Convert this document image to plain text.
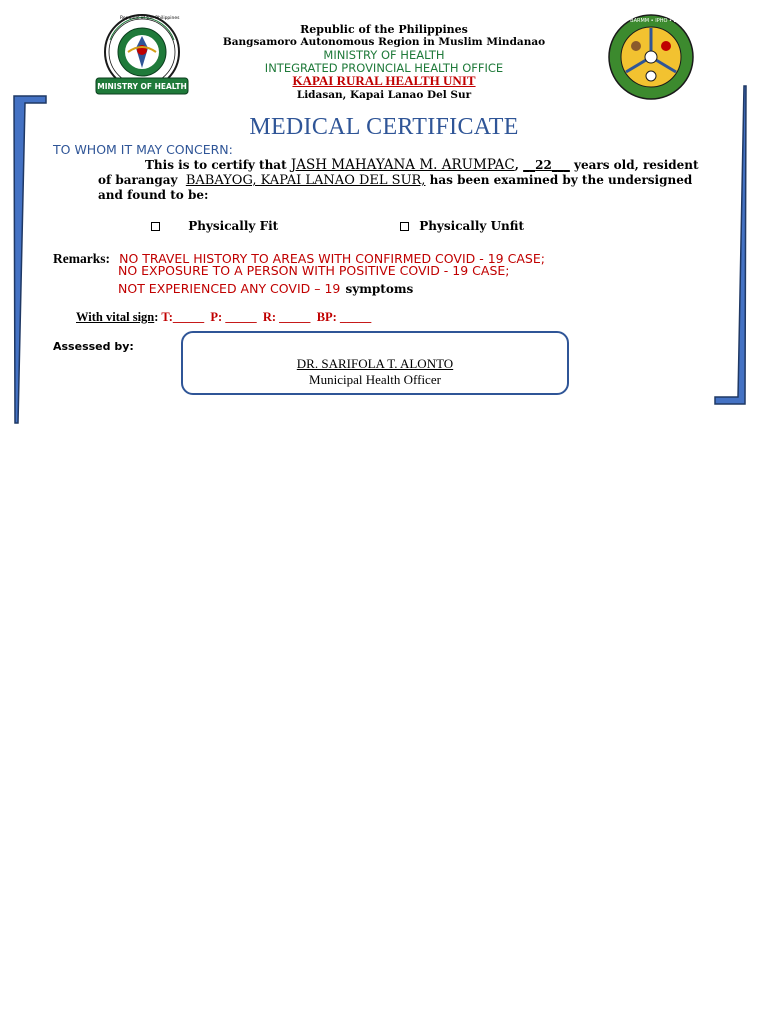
Republic of the Philippines
MINISTRY OF HEALTH
MOH • BARMM • IPHO • LDS • KAPAI RHU
Republic of the Philippines
Bangsamoro Autonomous Region in Muslim Mindanao
MINISTRY OF HEALTH
INTEGRATED PROVINCIAL HEALTH OFFICE
KAPAI RURAL HEALTH UNIT
Lidasan, Kapai Lanao Del Sur
MEDICAL CERTIFICATE
TO WHOM IT MAY CONCERN:
This is to certify that JASH MAHAYANA M. ARUMPAC, __22___ years old, resident
of barangay BABAYOG, KAPAI LANAO DEL SUR, has been examined by the undersigned
and found to be:
Physically Fit	Physically Unfit
Remarks: NO TRAVEL HISTORY TO AREAS WITH CONFIRMED COVID - 19 CASE;
NO EXPOSURE TO A PERSON WITH POSITIVE COVID - 19 CASE;
NOT EXPERIENCED ANY COVID – 19 symptoms
With vital sign: T:_____ P: _____ R: _____ BP: _____
Assessed by:
DR. SARIFOLA T. ALONTO
Municipal Health Officer
